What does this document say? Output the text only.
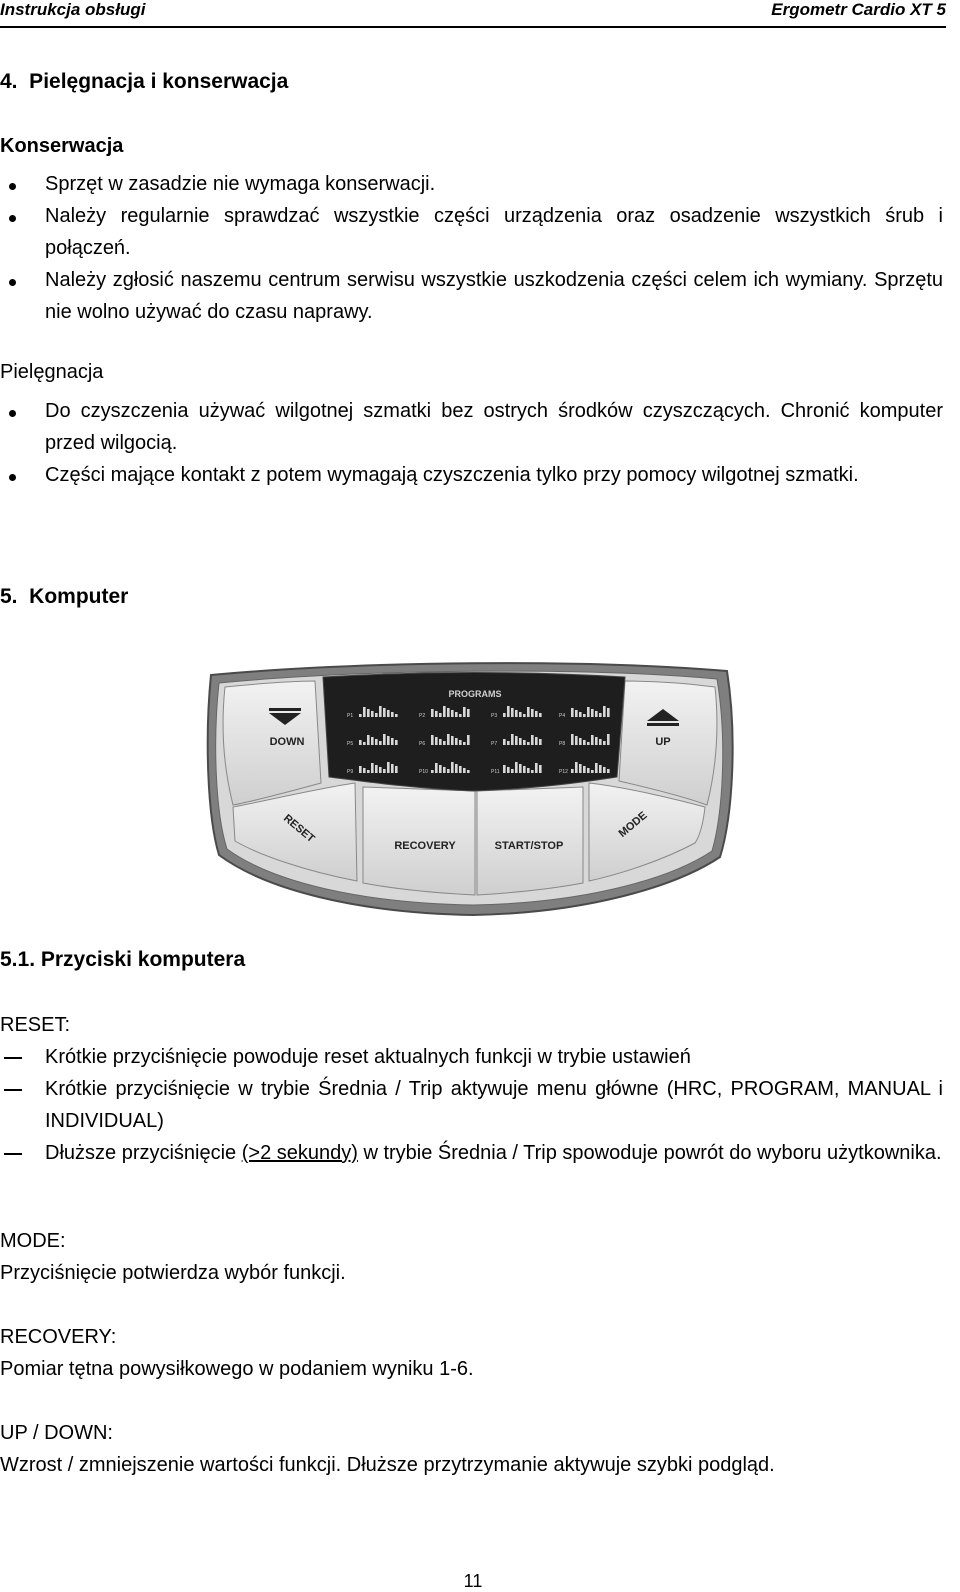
Instrukcja obsługi	Ergometr Cardio XT 5
4.  Pielęgnacja i konserwacja
Konserwacja
Sprzęt w zasadzie nie wymaga konserwacji.
Należy regularnie sprawdzać wszystkie części urządzenia oraz osadzenie wszystkich śrub i połączeń.
Należy zgłosić naszemu centrum serwisu wszystkie uszkodzenia części celem ich wymiany. Sprzętu nie wolno używać do czasu naprawy.
Pielęgnacja
Do czyszczenia używać wilgotnej szmatki bez ostrych środków czyszczących. Chronić komputer przed wilgocią.
Części mające kontakt z potem wymagają czyszczenia tylko przy pomocy wilgotnej szmatki.
5.  Komputer
DOWN	UP
RESET
RECOVERY	START/STOP
MODE
PROGRAMS
P1	P2	P3	P4
P5	P6	P7	P8
P9	P10	P11	P12
5.1. Przyciski komputera
RESET:
Krótkie przyciśnięcie powoduje reset aktualnych funkcji w trybie ustawień
Krótkie przyciśnięcie w trybie Średnia / Trip aktywuje menu główne (HRC, PROGRAM, MANUAL i INDIVIDUAL)
Dłuższe przyciśnięcie (>2 sekundy) w trybie Średnia / Trip spowoduje powrót do wyboru użytkownika.
MODE:
Przyciśnięcie potwierdza wybór funkcji.
RECOVERY:
Pomiar tętna powysiłkowego w podaniem wyniku 1-6.
UP / DOWN:
Wzrost / zmniejszenie wartości funkcji. Dłuższe przytrzymanie aktywuje szybki podgląd.
11
